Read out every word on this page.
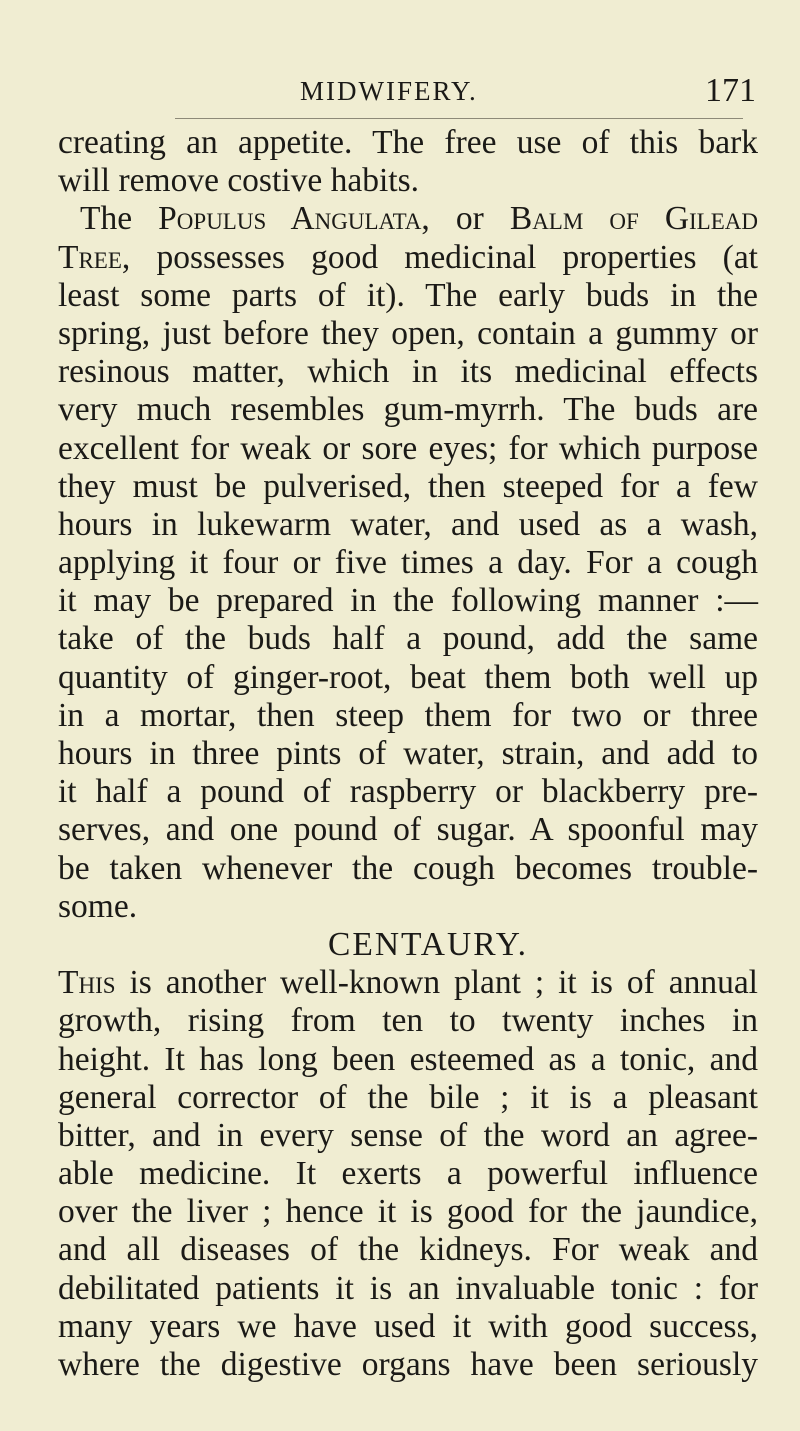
MIDWIFERY.	171
creating an appetite. The free use of this bark
will remove costive habits.
The Populus Angulata, or Balm of Gilead
Tree, possesses good medicinal properties (at
least some parts of it). The early buds in the
spring, just before they open, contain a gummy or
resinous matter, which in its medicinal effects
very much resembles gum-myrrh. The buds are
excellent for weak or sore eyes; for which purpose
they must be pulverised, then steeped for a few
hours in lukewarm water, and used as a wash,
applying it four or five times a day. For a cough
it may be prepared in the following manner :—
take of the buds half a pound, add the same
quantity of ginger-root, beat them both well up
in a mortar, then steep them for two or three
hours in three pints of water, strain, and add to
it half a pound of raspberry or blackberry pre-
serves, and one pound of sugar. A spoonful may
be taken whenever the cough becomes trouble-
some.
CENTAURY.
This is another well-known plant ; it is of annual
growth, rising from ten to twenty inches in
height. It has long been esteemed as a tonic, and
general corrector of the bile ; it is a pleasant
bitter, and in every sense of the word an agree-
able medicine. It exerts a powerful influence
over the liver ; hence it is good for the jaundice,
and all diseases of the kidneys. For weak and
debilitated patients it is an invaluable tonic : for
many years we have used it with good success,
where the digestive organs have been seriously
